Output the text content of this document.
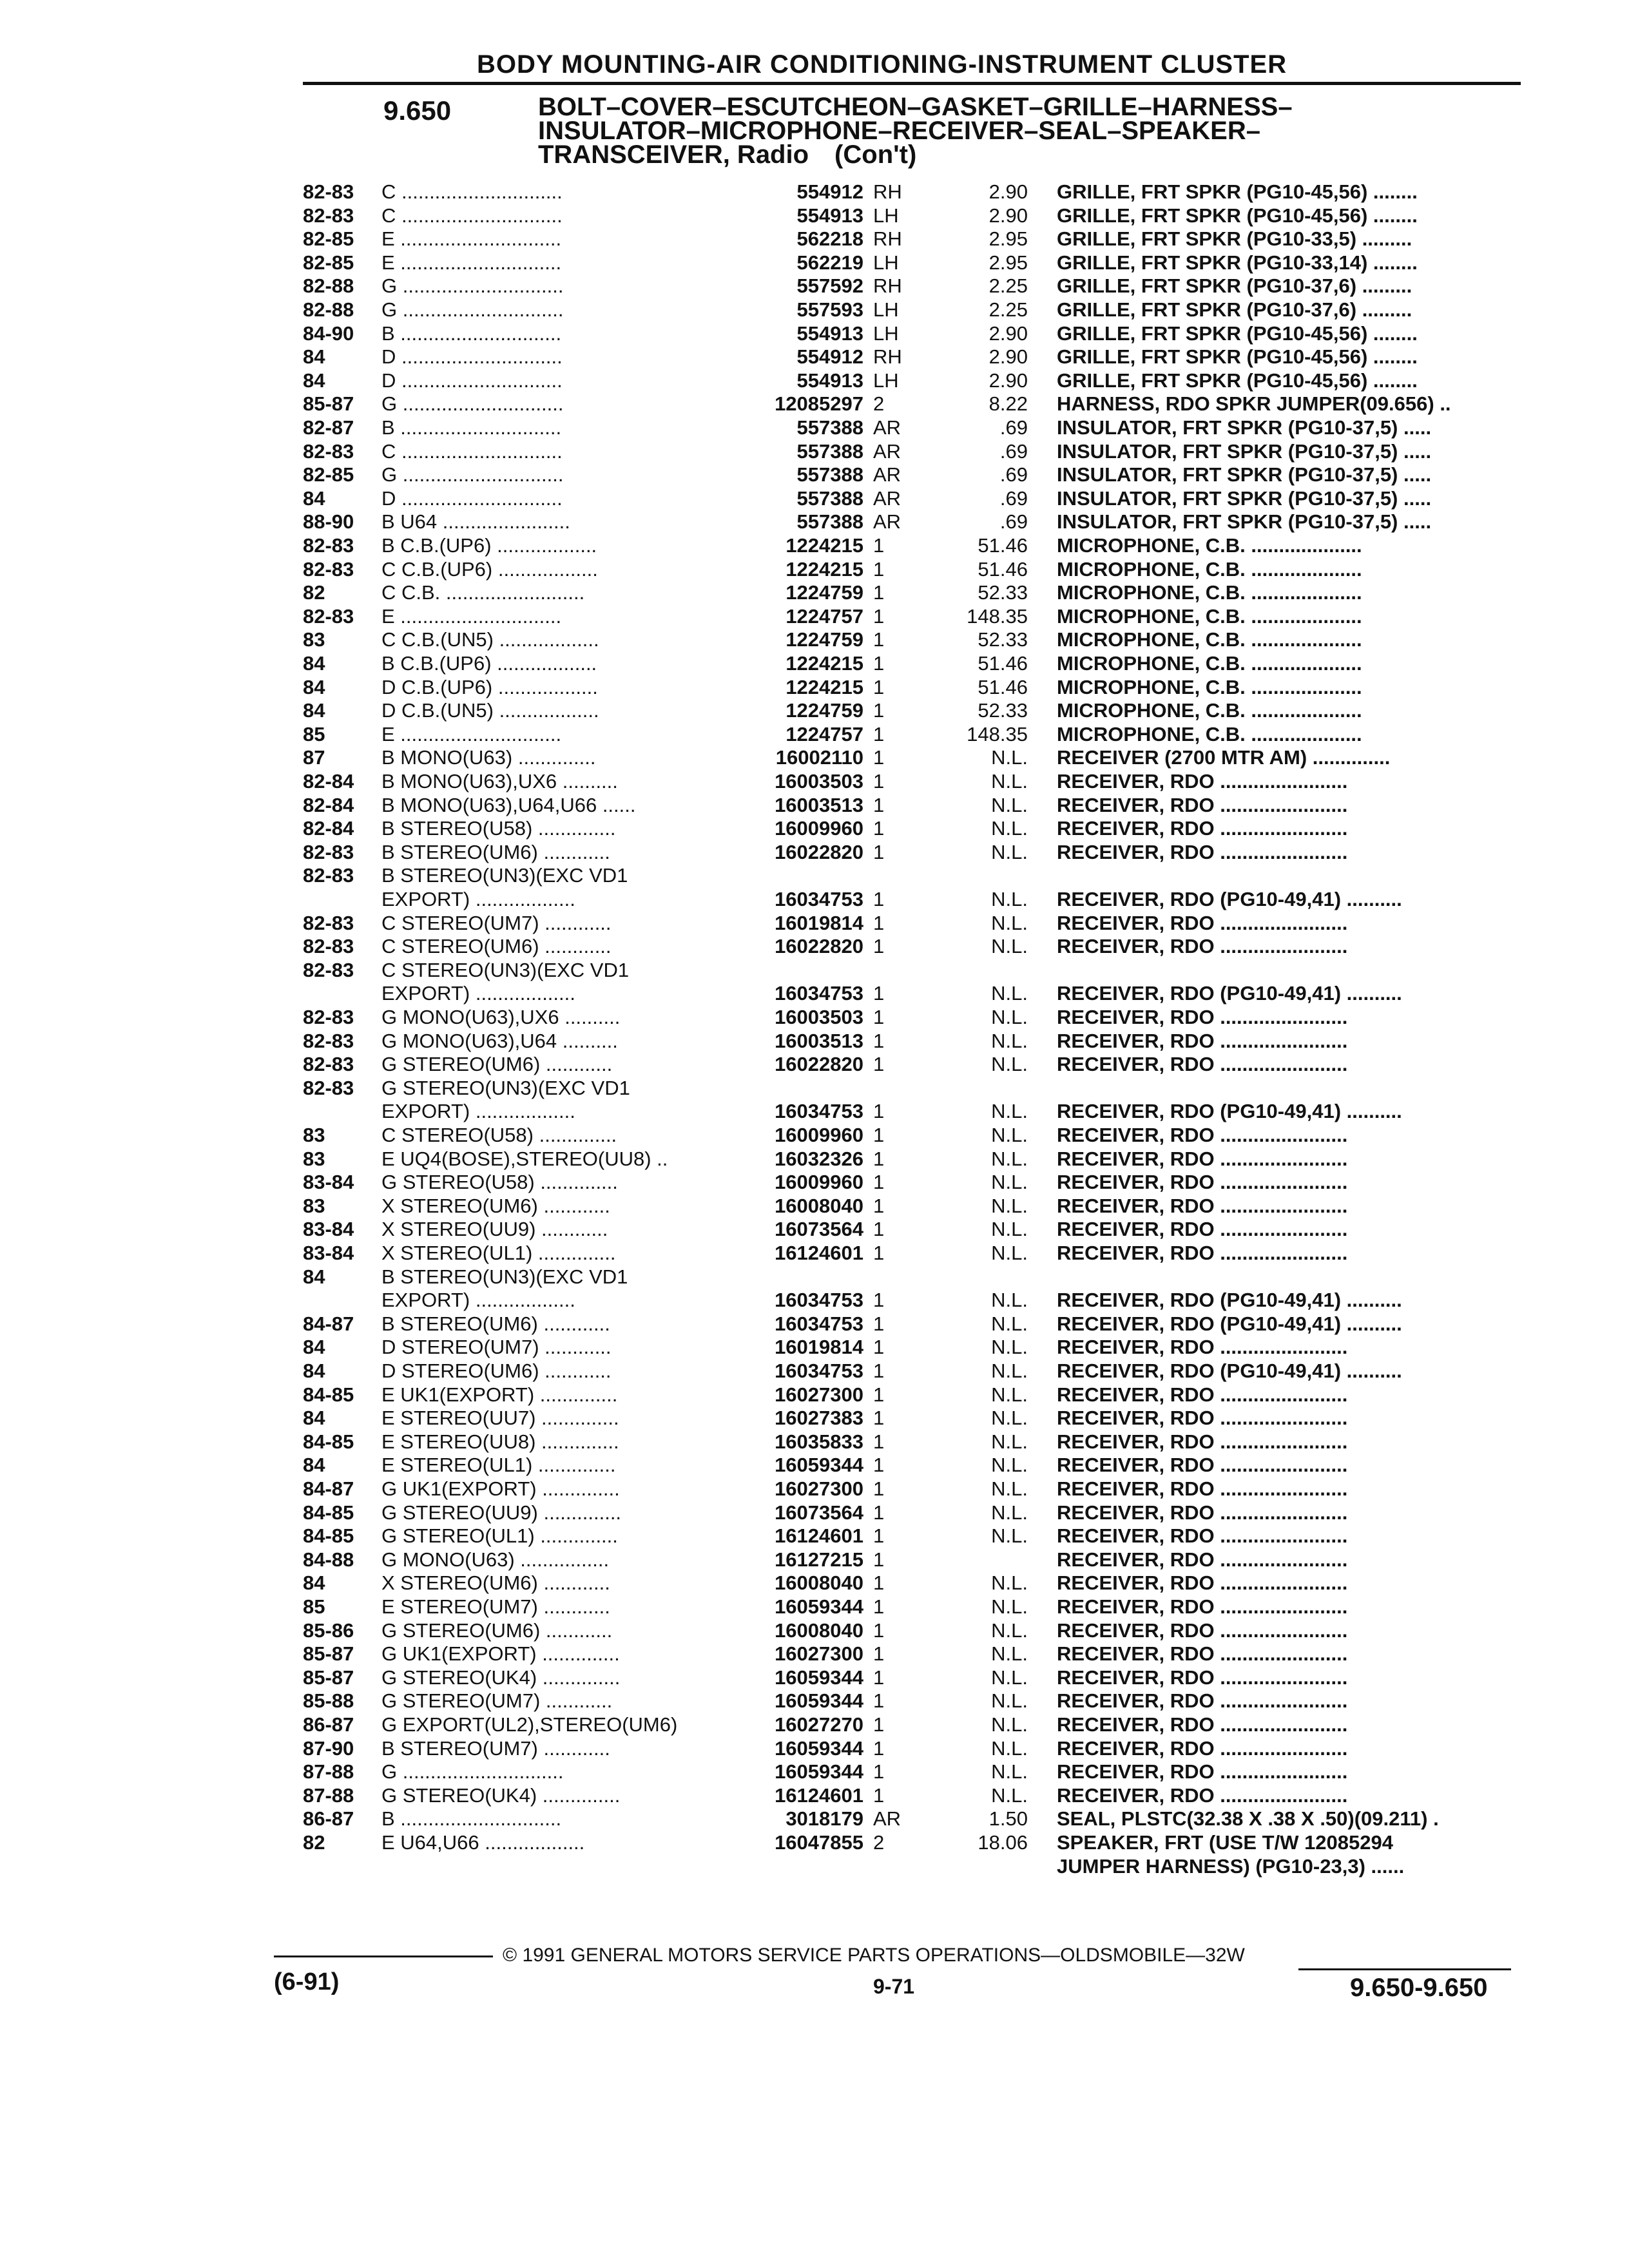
BODY MOUNTING-AIR CONDITIONING-INSTRUMENT CLUSTER
9.650	BOLT–COVER–ESCUTCHEON–GASKET–GRILLE–HARNESS–
INSULATOR–MICROPHONE–RECEIVER–SEAL–SPEAKER–
TRANSCEIVER, Radio (Con't)
82-83	C .............................	554912 RH	2.90 GRILLE, FRT SPKR (PG10-45,56) ........
82-83	C .............................	554913 LH	2.90 GRILLE, FRT SPKR (PG10-45,56) ........
82-85	E .............................	562218 RH	2.95 GRILLE, FRT SPKR (PG10-33,5) .........
82-85	E .............................	562219 LH	2.95 GRILLE, FRT SPKR (PG10-33,14) ........
82-88	G .............................	557592 RH	2.25 GRILLE, FRT SPKR (PG10-37,6) .........
82-88	G .............................	557593 LH	2.25 GRILLE, FRT SPKR (PG10-37,6) .........
84-90	B .............................	554913 LH	2.90 GRILLE, FRT SPKR (PG10-45,56) ........
84	D .............................	554912 RH	2.90 GRILLE, FRT SPKR (PG10-45,56) ........
84	D .............................	554913 LH	2.90 GRILLE, FRT SPKR (PG10-45,56) ........
85-87	G .............................	12085297 2	8.22 HARNESS, RDO SPKR JUMPER(09.656) ..
82-87	B .............................	557388 AR	.69 INSULATOR, FRT SPKR (PG10-37,5) .....
82-83	C .............................	557388 AR	.69 INSULATOR, FRT SPKR (PG10-37,5) .....
82-85	G .............................	557388 AR	.69 INSULATOR, FRT SPKR (PG10-37,5) .....
84	D .............................	557388 AR	.69 INSULATOR, FRT SPKR (PG10-37,5) .....
88-90	B U64 .......................	557388 AR	.69 INSULATOR, FRT SPKR (PG10-37,5) .....
82-83	B C.B.(UP6) ..................	1224215 1	51.46 MICROPHONE, C.B. ....................
82-83	C C.B.(UP6) ..................	1224215 1	51.46 MICROPHONE, C.B. ....................
82	C C.B. .........................	1224759 1	52.33 MICROPHONE, C.B. ....................
82-83	E .............................	1224757 1	148.35 MICROPHONE, C.B. ....................
83	C C.B.(UN5) ..................	1224759 1	52.33 MICROPHONE, C.B. ....................
84	B C.B.(UP6) ..................	1224215 1	51.46 MICROPHONE, C.B. ....................
84	D C.B.(UP6) ..................	1224215 1	51.46 MICROPHONE, C.B. ....................
84	D C.B.(UN5) ..................	1224759 1	52.33 MICROPHONE, C.B. ....................
85	E .............................	1224757 1	148.35 MICROPHONE, C.B. ....................
87	B MONO(U63) ..............	16002110 1	N.L. RECEIVER (2700 MTR AM) ..............
82-84	B MONO(U63),UX6 ..........	16003503 1	N.L. RECEIVER, RDO .......................
82-84	B MONO(U63),U64,U66 ......	16003513 1	N.L. RECEIVER, RDO .......................
82-84	B STEREO(U58) ..............	16009960 1	N.L. RECEIVER, RDO .......................
82-83	B STEREO(UM6) ............	16022820 1	N.L. RECEIVER, RDO .......................
82-83	B STEREO(UN3)(EXC VD1
EXPORT) ..................	16034753 1	N.L. RECEIVER, RDO (PG10-49,41) ..........
82-83	C STEREO(UM7) ............	16019814 1	N.L. RECEIVER, RDO .......................
82-83	C STEREO(UM6) ............	16022820 1	N.L. RECEIVER, RDO .......................
82-83	C STEREO(UN3)(EXC VD1
EXPORT) ..................	16034753 1	N.L. RECEIVER, RDO (PG10-49,41) ..........
82-83	G MONO(U63),UX6 ..........	16003503 1	N.L. RECEIVER, RDO .......................
82-83	G MONO(U63),U64 ..........	16003513 1	N.L. RECEIVER, RDO .......................
82-83	G STEREO(UM6) ............	16022820 1	N.L. RECEIVER, RDO .......................
82-83	G STEREO(UN3)(EXC VD1
EXPORT) ..................	16034753 1	N.L. RECEIVER, RDO (PG10-49,41) ..........
83	C STEREO(U58) ..............	16009960 1	N.L. RECEIVER, RDO .......................
83	E UQ4(BOSE),STEREO(UU8) ..	16032326 1	N.L. RECEIVER, RDO .......................
83-84	G STEREO(U58) ..............	16009960 1	N.L. RECEIVER, RDO .......................
83	X STEREO(UM6) ............	16008040 1	N.L. RECEIVER, RDO .......................
83-84	X STEREO(UU9) ............	16073564 1	N.L. RECEIVER, RDO .......................
83-84	X STEREO(UL1) ..............	16124601 1	N.L. RECEIVER, RDO .......................
84	B STEREO(UN3)(EXC VD1
EXPORT) ..................	16034753 1	N.L. RECEIVER, RDO (PG10-49,41) ..........
84-87	B STEREO(UM6) ............	16034753 1	N.L. RECEIVER, RDO (PG10-49,41) ..........
84	D STEREO(UM7) ............	16019814 1	N.L. RECEIVER, RDO .......................
84	D STEREO(UM6) ............	16034753 1	N.L. RECEIVER, RDO (PG10-49,41) ..........
84-85	E UK1(EXPORT) ..............	16027300 1	N.L. RECEIVER, RDO .......................
84	E STEREO(UU7) ..............	16027383 1	N.L. RECEIVER, RDO .......................
84-85	E STEREO(UU8) ..............	16035833 1	N.L. RECEIVER, RDO .......................
84	E STEREO(UL1) ..............	16059344 1	N.L. RECEIVER, RDO .......................
84-87	G UK1(EXPORT) ..............	16027300 1	N.L. RECEIVER, RDO .......................
84-85	G STEREO(UU9) ..............	16073564 1	N.L. RECEIVER, RDO .......................
84-85	G STEREO(UL1) ..............	16124601 1	N.L. RECEIVER, RDO .......................
84-88	G MONO(U63) ................	16127215 1	RECEIVER, RDO .......................
84	X STEREO(UM6) ............	16008040 1	N.L. RECEIVER, RDO .......................
85	E STEREO(UM7) ............	16059344 1	N.L. RECEIVER, RDO .......................
85-86	G STEREO(UM6) ............	16008040 1	N.L. RECEIVER, RDO .......................
85-87	G UK1(EXPORT) ..............	16027300 1	N.L. RECEIVER, RDO .......................
85-87	G STEREO(UK4) ..............	16059344 1	N.L. RECEIVER, RDO .......................
85-88	G STEREO(UM7) ............	16059344 1	N.L. RECEIVER, RDO .......................
86-87	G EXPORT(UL2),STEREO(UM6)	16027270 1	N.L. RECEIVER, RDO .......................
87-90	B STEREO(UM7) ............	16059344 1	N.L. RECEIVER, RDO .......................
87-88	G .............................	16059344 1	N.L. RECEIVER, RDO .......................
87-88	G STEREO(UK4) ..............	16124601 1	N.L. RECEIVER, RDO .......................
86-87	B .............................	3018179 AR	1.50 SEAL, PLSTC(32.38 X .38 X .50)(09.211) .
82	E U64,U66 ..................	16047855 2	18.06 SPEAKER, FRT (USE T/W 12085294
JUMPER HARNESS) (PG10-23,3) ......
© 1991 GENERAL MOTORS SERVICE PARTS OPERATIONS—OLDSMOBILE—32W
(6-91)	9-71	9.650-9.650
